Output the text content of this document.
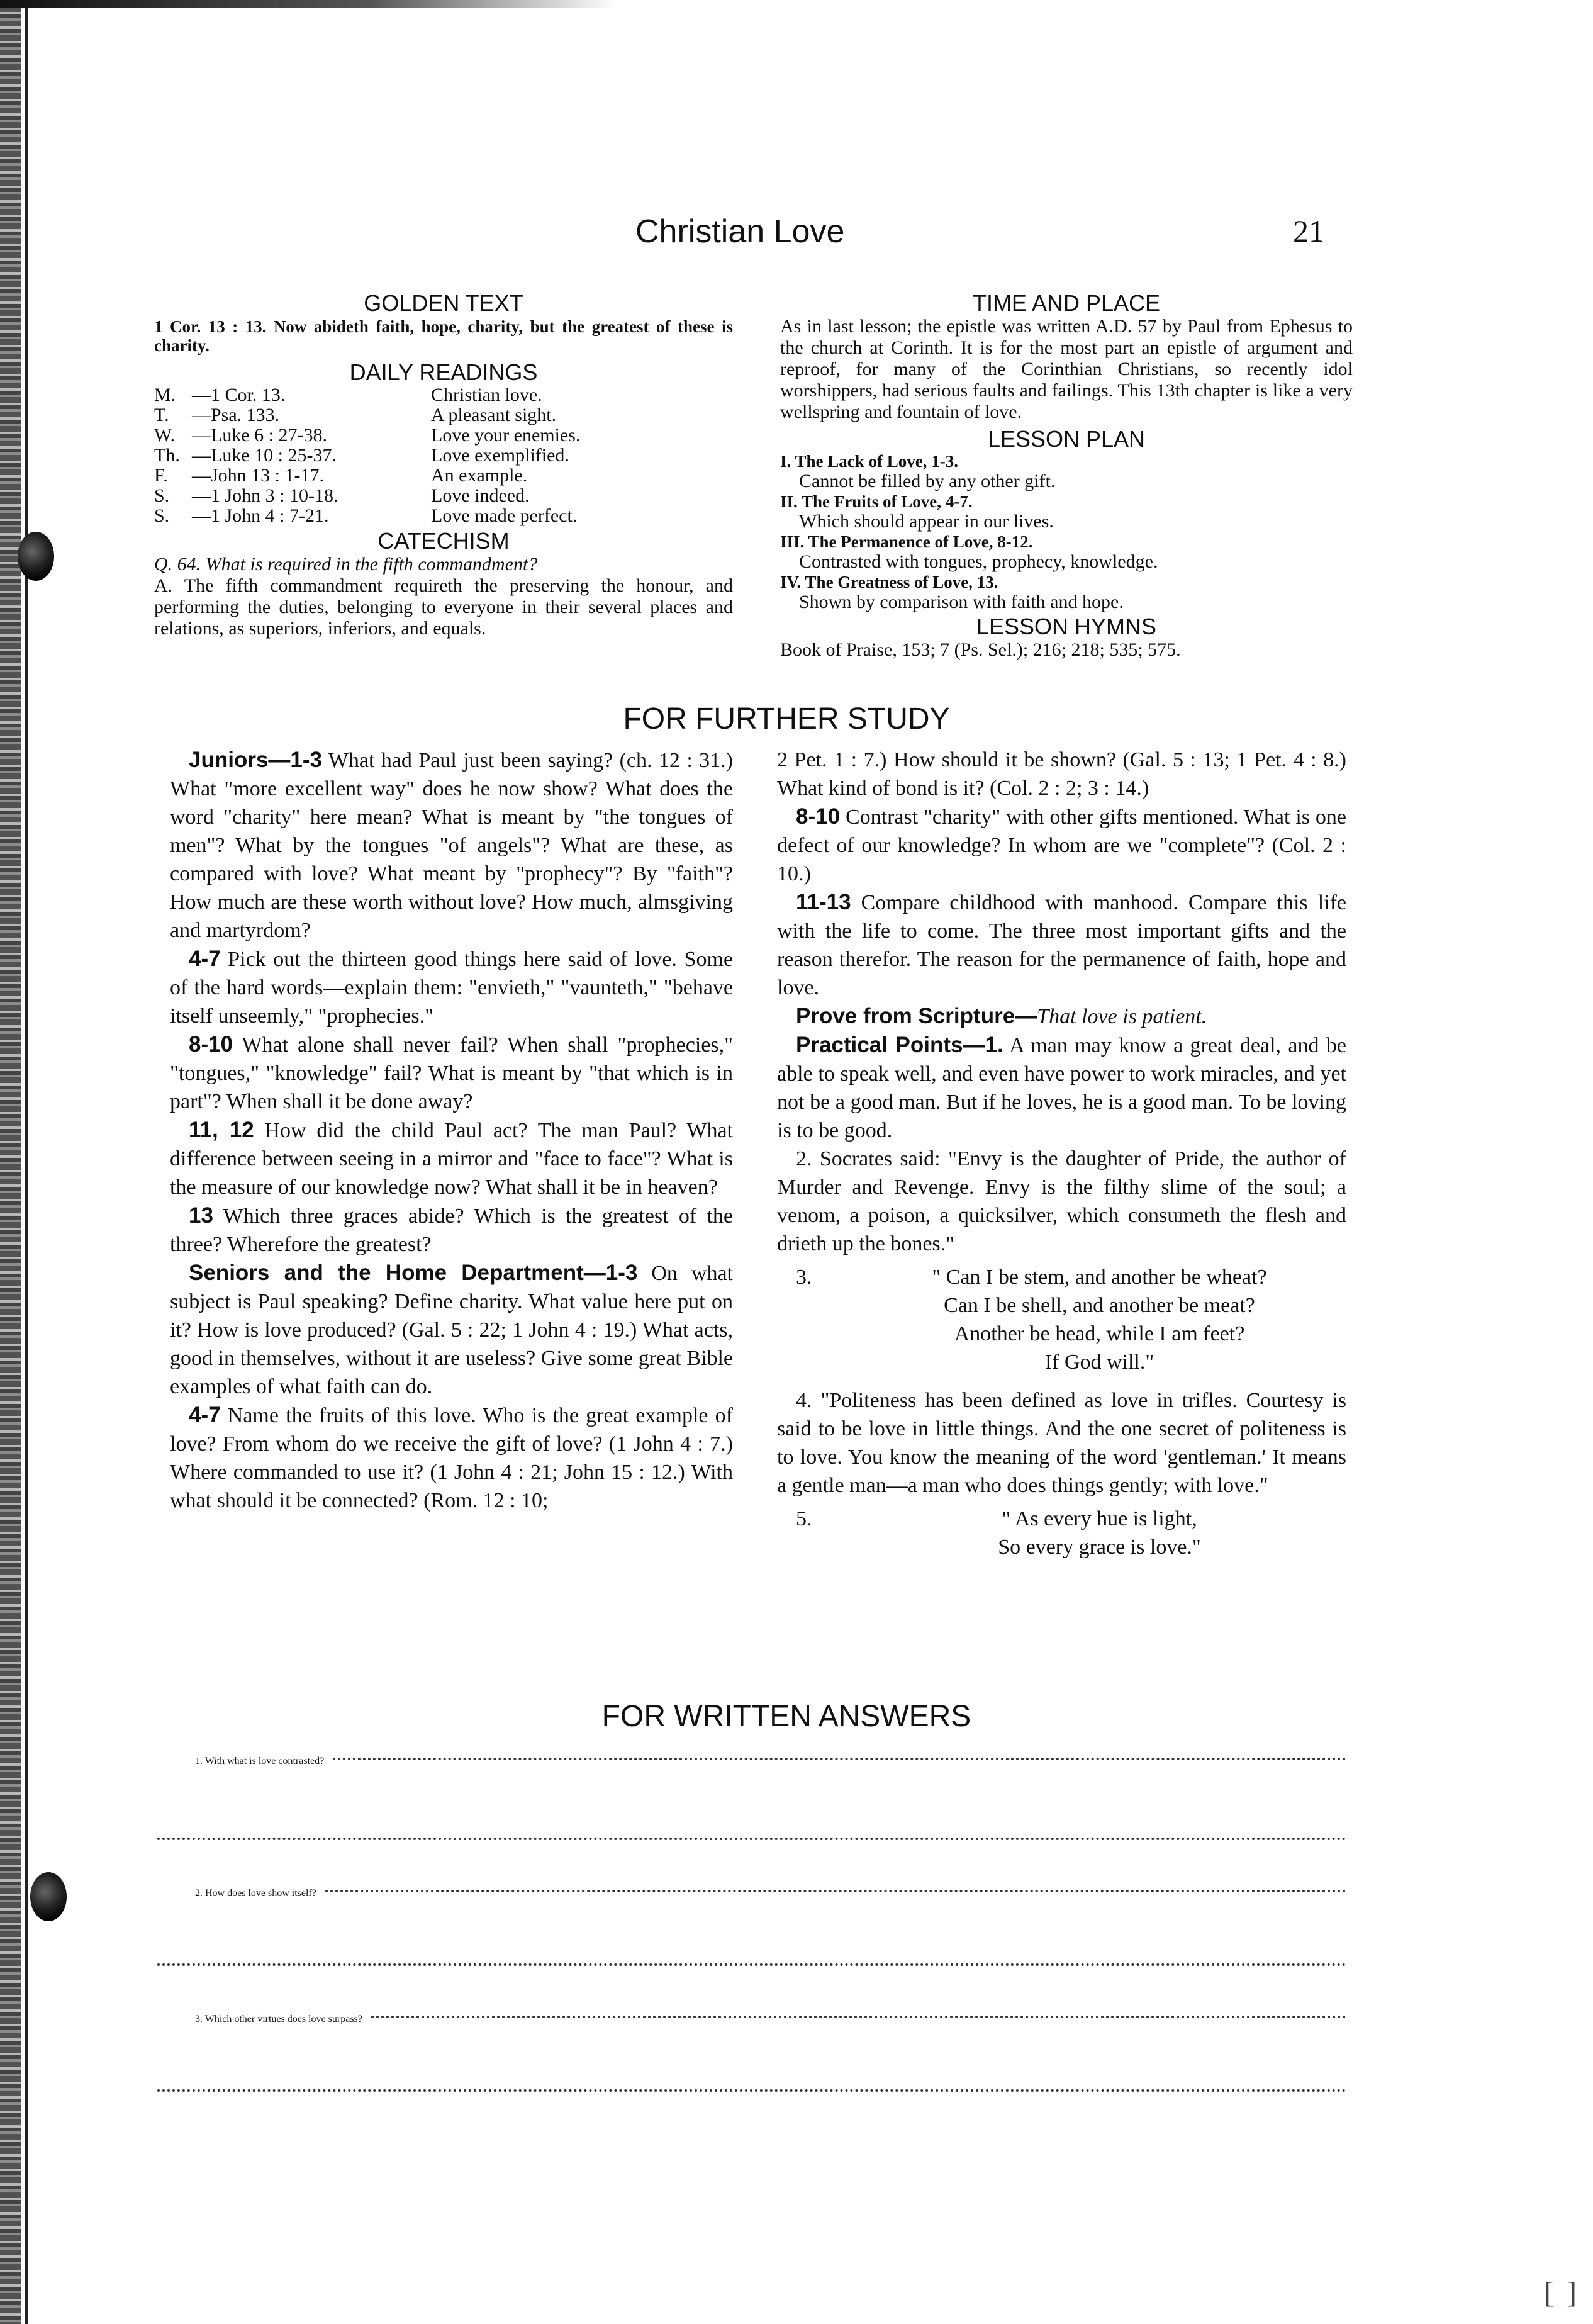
[ ]
Christian Love	21
GOLDEN TEXT
1 Cor. 13 : 13. Now abideth faith, hope, charity, but the greatest of these is charity.
DAILY READINGS
M. —1 Cor. 13.	Christian love.
T.	—Psa. 133.	A pleasant sight.
W. —Luke 6 : 27-38.	Love your enemies.
Th. —Luke 10 : 25-37.	Love exemplified.
F.	—John 13 : 1-17.	An example.
S.	—1 John 3 : 10-18.	Love indeed.
S.	—1 John 4 : 7-21.	Love made perfect.
CATECHISM
Q. 64. What is required in the fifth commandment?
A. The fifth commandment requireth the preserving the honour, and performing the duties, belonging to everyone in their several places and relations, as superiors, inferiors, and equals.
TIME AND PLACE
As in last lesson; the epistle was written A.D. 57 by Paul from Ephesus to the church at Corinth. It is for the most part an epistle of argument and reproof, for many of the Corinthian Christians, so recently idol worshippers, had serious faults and failings. This 13th chapter is like a very wellspring and fountain of love.
LESSON PLAN
I. The Lack of Love, 1-3.
Cannot be filled by any other gift.
II. The Fruits of Love, 4-7.
Which should appear in our lives.
III. The Permanence of Love, 8-12.
Contrasted with tongues, prophecy, knowledge.
IV. The Greatness of Love, 13.
Shown by comparison with faith and hope.
LESSON HYMNS
Book of Praise, 153; 7 (Ps. Sel.); 216; 218; 535; 575.
FOR FURTHER STUDY

Juniors—1-3 What had Paul just been saying? (ch. 12 : 31.) What "more excellent way" does he now show? What does the word "charity" here mean? What is meant by "the tongues of men"? What by the tongues "of angels"? What are these, as compared with love? What meant by "prophecy"? By "faith"? How much are these worth without love? How much, almsgiving and martyrdom?

4-7 Pick out the thirteen good things here said of love. Some of the hard words—explain them: "envieth," "vaunteth," "behave itself unseemly," "prophecies."

8-10 What alone shall never fail? When shall "prophecies," "tongues," "knowledge" fail? What is meant by "that which is in part"? When shall it be done away?

11, 12 How did the child Paul act? The man Paul? What difference between seeing in a mirror and "face to face"? What is the measure of our knowledge now? What shall it be in heaven?

13 Which three graces abide? Which is the greatest of the three? Wherefore the greatest?

Seniors and the Home Department—1-3 On what subject is Paul speaking? Define charity. What value here put on it? How is love produced? (Gal. 5 : 22; 1 John 4 : 19.) What acts, good in themselves, without it are useless? Give some great Bible examples of what faith can do.

4-7 Name the fruits of this love. Who is the great example of love? From whom do we receive the gift of love? (1 John 4 : 7.) Where commanded to use it? (1 John 4 : 21; John 15 : 12.) With what should it be connected? (Rom. 12 : 10;

2 Pet. 1 : 7.) How should it be shown? (Gal. 5 : 13; 1 Pet. 4 : 8.) What kind of bond is it? (Col. 2 : 2; 3 : 14.)

8-10 Contrast "charity" with other gifts mentioned. What is one defect of our knowledge? In whom are we "complete"? (Col. 2 : 10.)

11-13 Compare childhood with manhood. Compare this life with the life to come. The three most important gifts and the reason therefor. The reason for the permanence of faith, hope and love.

Prove from Scripture—That love is patient.

Practical Points—1. A man may know a great deal, and be able to speak well, and even have power to work miracles, and yet not be a good man. But if he loves, he is a good man. To be loving is to be good.

2. Socrates said: "Envy is the daughter of Pride, the author of Murder and Revenge. Envy is the filthy slime of the soul; a venom, a poison, a quicksilver, which consumeth the flesh and drieth up the bones."

3.	" Can I be stem, and another be wheat?
Can I be shell, and another be meat?
Another be head, while I am feet?
If God will."

4. "Politeness has been defined as love in trifles. Courtesy is said to be love in little things. And the one secret of politeness is to love. You know the meaning of the word 'gentleman.' It means a gentle man—a man who does things gently; with love."

5.	" As every hue is light,
So every grace is love."
FOR WRITTEN ANSWERS
1. With what is love contrasted?
2. How does love show itself?
3. Which other virtues does love surpass?
